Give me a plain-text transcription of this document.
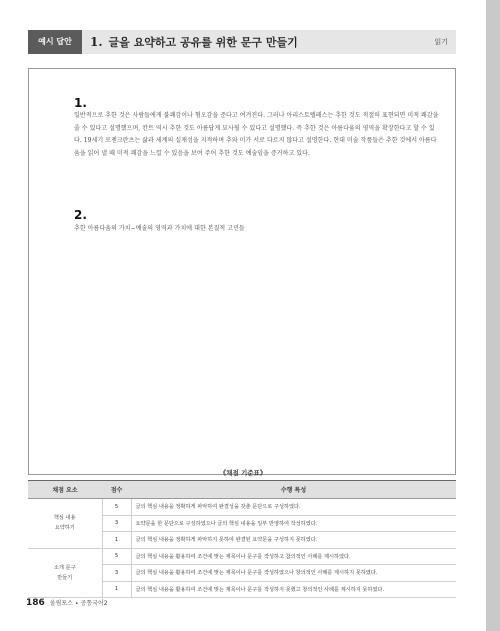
예시 답안	1. 글을 요약하고 공유를 위한 문구 만들기	읽기
1.
일반적으로 추한 것은 사람들에게 불쾌감이나 혐오감을 준다고 여겨진다. 그러나 아리스토텔레스는 추한 것도 적절히 표현되면 미적 쾌감을 줄 수 있다고 설명했으며, 칸트 역시 추한 것도 아름답게 묘사될 수 있다고 설명했다. 즉 추한 것은 아름다움의 영역을 확장한다고 할 수 있다. 19세기 로젠크란츠는 삶과 세계의 실재성을 지적하며 추와 미가 서로 다르지 않다고 설명한다. 현대 미술 작품들은 추한 것에서 아름다움을 읽어 낼 때 미적 쾌감을 느낄 수 있음을 보여 주어 추한 것도 예술임을 증거하고 있다.
2.
추한 아름다움의 가치−예술의 영역과 가치에 대한 본질적 고민들
《채점 기준표》
채점 요소	점수	수행 특성
핵심 내용
요약하기	5	글의 핵심 내용을 정확하게 파악하여 완결성을 갖춘 문단으로 구성하였다.
	3	요약문을 한 문단으로 구성하였으나 글의 핵심 내용을 일부 반영하여 작성하였다.
	1	글의 핵심 내용을 정확하게 파악하지 못하여 완결된 요약문을 구성하지 못하였다.
소개 문구
만들기	5	글의 핵심 내용을 활용하여 조건에 맞는 제목이나 문구를 작성하고 참의적인 사례를 제시하였다.
	3	글의 핵심 내용을 활용하여 조건에 맞는 제목이나 문구를 작성하였으나 창의적인 사례를 제시하지 못하였다.
	1	글의 핵심 내용을 활용하여 조건에 맞는 제목이나 문구를 작성하지 못했고 창의적인 사례를 제시하지 못하였다.
186 올림포스 ∙ 공통국어2
